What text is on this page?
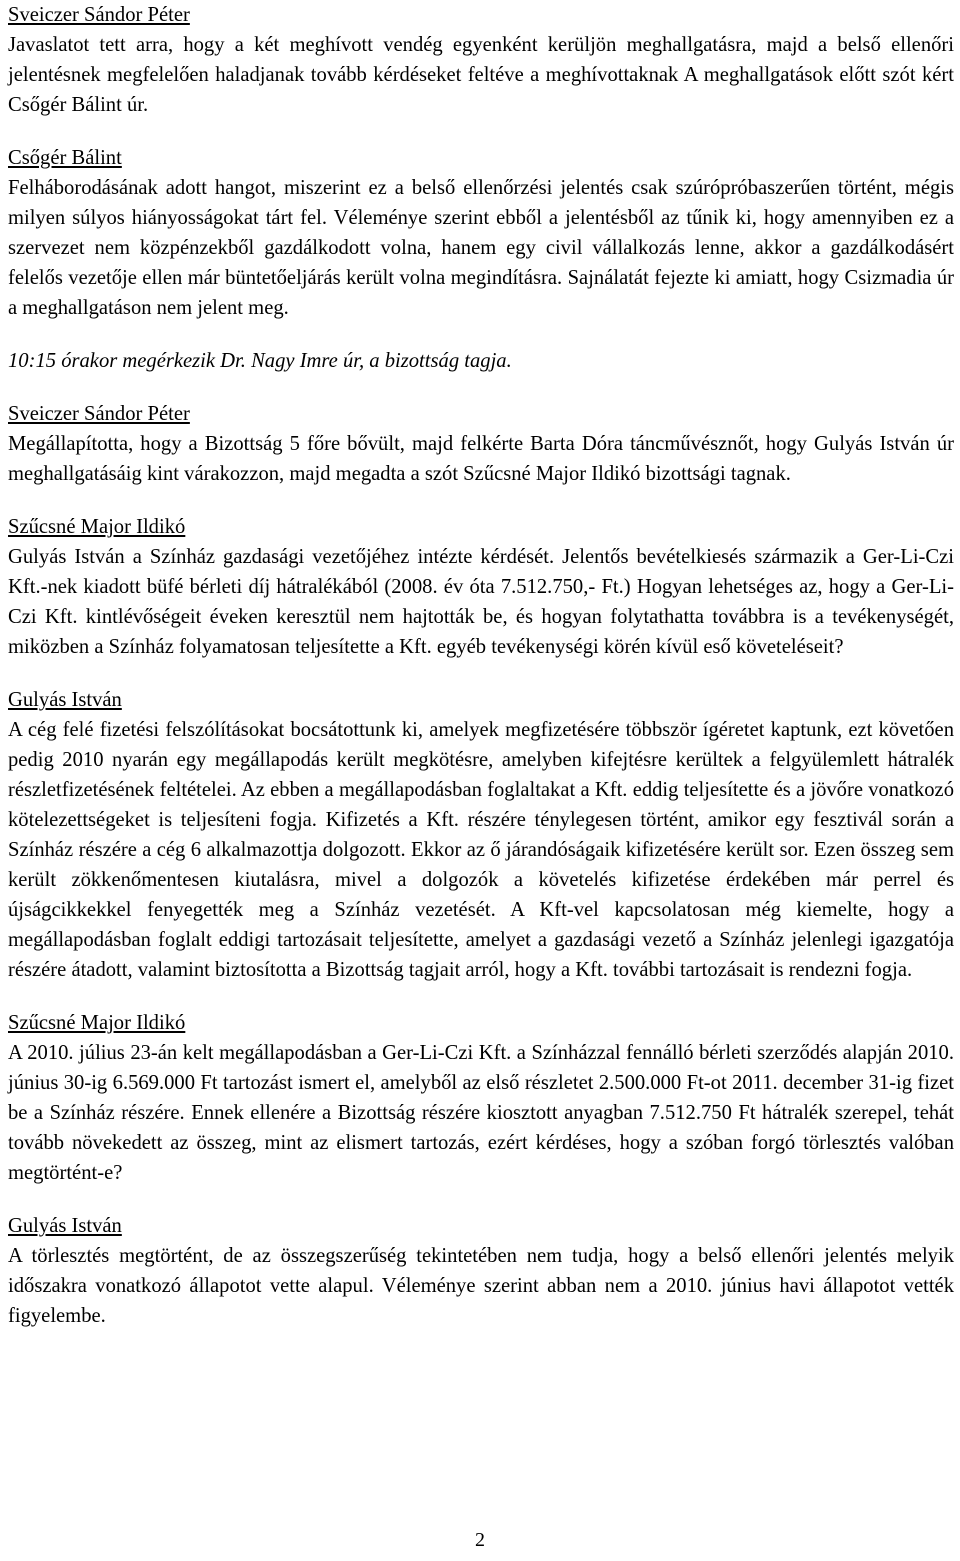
Sveiczer Sándor Péter

Javaslatot tett arra, hogy a két meghívott vendég egyenként kerüljön meghallgatásra, majd a belső ellenőri jelentésnek megfelelően haladjanak tovább kérdéseket feltéve a meghívottaknak A meghallgatások előtt szót kért Csőgér Bálint úr.

Csőgér Bálint

Felháborodásának adott hangot, miszerint ez a belső ellenőrzési jelentés csak szúrópróbaszerűen történt, mégis milyen súlyos hiányosságokat tárt fel. Véleménye szerint ebből a jelentésből az tűnik ki, hogy amennyiben ez a szervezet nem közpénzekből gazdálkodott volna, hanem egy civil vállalkozás lenne, akkor a gazdálkodásért felelős vezetője ellen már büntetőeljárás került volna megindításra. Sajnálatát fejezte ki amiatt, hogy Csizmadia úr a meghallgatáson nem jelent meg.

10:15 órakor megérkezik Dr. Nagy Imre úr, a bizottság tagja.

Sveiczer Sándor Péter

Megállapította, hogy a Bizottság 5 főre bővült, majd felkérte Barta Dóra táncművésznőt, hogy Gulyás István úr meghallgatásáig kint várakozzon, majd megadta a szót Szűcsné Major Ildikó bizottsági tagnak.

Szűcsné Major Ildikó

Gulyás István a Színház gazdasági vezetőjéhez intézte kérdését. Jelentős bevételkiesés származik a Ger-Li-Czi Kft.-nek kiadott büfé bérleti díj hátralékából (2008. év óta 7.512.750,- Ft.) Hogyan lehetséges az, hogy a Ger-Li-Czi Kft. kintlévőségeit éveken keresztül nem hajtották be, és hogyan folytathatta továbbra is a tevékenységét, miközben a Színház folyamatosan teljesítette a Kft. egyéb tevékenységi körén kívül eső követeléseit?

Gulyás István

A cég felé fizetési felszólításokat bocsátottunk ki, amelyek megfizetésére többször ígéretet kaptunk, ezt követően pedig 2010 nyarán egy megállapodás került megkötésre, amelyben kifejtésre kerültek a felgyülemlett hátralék részletfizetésének feltételei. Az ebben a megállapodásban foglaltakat a Kft. eddig teljesítette és a jövőre vonatkozó kötelezettségeket is teljesíteni fogja. Kifizetés a Kft. részére ténylegesen történt, amikor egy fesztivál során a Színház részére a cég 6 alkalmazottja dolgozott. Ekkor az ő járandóságaik kifizetésére került sor. Ezen összeg sem került zökkenőmentesen kiutalásra, mivel a dolgozók a követelés kifizetése érdekében már perrel és újságcikkekkel fenyegették meg a Színház vezetését. A Kft-vel kapcsolatosan még kiemelte, hogy a megállapodásban foglalt eddigi tartozásait teljesítette, amelyet a gazdasági vezető a Színház jelenlegi igazgatója részére átadott, valamint biztosította a Bizottság tagjait arról, hogy a Kft. további tartozásait is rendezni fogja.

Szűcsné Major Ildikó

A 2010. július 23-án kelt megállapodásban a Ger-Li-Czi Kft. a Színházzal fennálló bérleti szerződés alapján 2010. június 30-ig 6.569.000 Ft tartozást ismert el, amelyből az első részletet 2.500.000 Ft-ot 2011. december 31-ig fizet be a Színház részére. Ennek ellenére a Bizottság részére kiosztott anyagban 7.512.750 Ft hátralék szerepel, tehát tovább növekedett az összeg, mint az elismert tartozás, ezért kérdéses, hogy a szóban forgó törlesztés valóban megtörtént-e?

Gulyás István

A törlesztés megtörtént, de az összegszerűség tekintetében nem tudja, hogy a belső ellenőri jelentés melyik időszakra vonatkozó állapotot vette alapul. Véleménye szerint abban nem a 2010. június havi állapotot vették figyelembe.

2
